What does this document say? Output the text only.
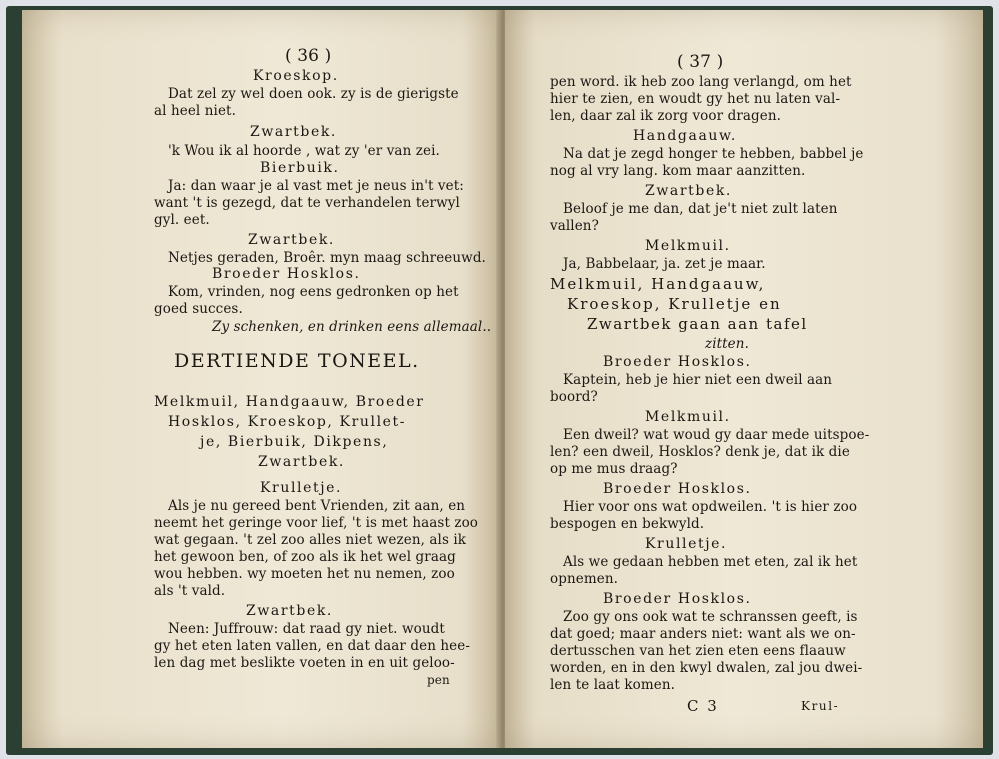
( 36 )
Kroeskop.
Dat zel zy wel doen ook. zy is de gierigste
al heel niet.
Zwartbek.
'k Wou ik al hoorde , wat zy 'er van zei.
Bierbuik.
Ja: dan waar je al vast met je neus in't vet:
want 't is gezegd, dat te verhandelen terwyl
gyl. eet.
Zwartbek.
Netjes geraden, Broêr. myn maag schreeuwd.
Broeder Hosklos.
Kom, vrinden, nog eens gedronken op het
goed succes.
Zy schenken, en drinken eens allemaal..
DERTIENDE TONEEL.
Melkmuil, Handgaauw, Broeder
Hosklos, Kroeskop, Krullet-
je, Bierbuik, Dikpens,
Zwartbek.
Krulletje.
Als je nu gereed bent Vrienden, zit aan, en
neemt het geringe voor lief, 't is met haast zoo
wat gegaan. 't zel zoo alles niet wezen, als ik
het gewoon ben, of zoo als ik het wel graag
wou hebben. wy moeten het nu nemen, zoo
als 't vald.
Zwartbek.
Neen: Juffrouw: dat raad gy niet. woudt
gy het eten laten vallen, en dat daar den hee-
len dag met beslikte voeten in en uit geloo-
pen
( 37 )
pen word. ik heb zoo lang verlangd, om het
hier te zien, en woudt gy het nu laten val-
len, daar zal ik zorg voor dragen.
Handgaauw.
Na dat je zegd honger te hebben, babbel je
nog al vry lang. kom maar aanzitten.
Zwartbek.
Beloof je me dan, dat je't niet zult laten
vallen?
Melkmuil.
Ja, Babbelaar, ja. zet je maar.
Melkmuil, Handgaauw,
Kroeskop, Krulletje en
Zwartbek gaan aan tafel
zitten.
Broeder Hosklos.
Kaptein, heb je hier niet een dweil aan
boord?
Melkmuil.
Een dweil? wat woud gy daar mede uitspoe-
len? een dweil, Hosklos? denk je, dat ik die
op me mus draag?
Broeder Hosklos.
Hier voor ons wat opdweilen. 't is hier zoo
bespogen en bekwyld.
Krulletje.
Als we gedaan hebben met eten, zal ik het
opnemen.
Broeder Hosklos.
Zoo gy ons ook wat te schranssen geeft, is
dat goed; maar anders niet: want als we on-
dertusschen van het zien eten eens flaauw
worden, en in den kwyl dwalen, zal jou dwei-
len te laat komen.
C 3	Krul-
